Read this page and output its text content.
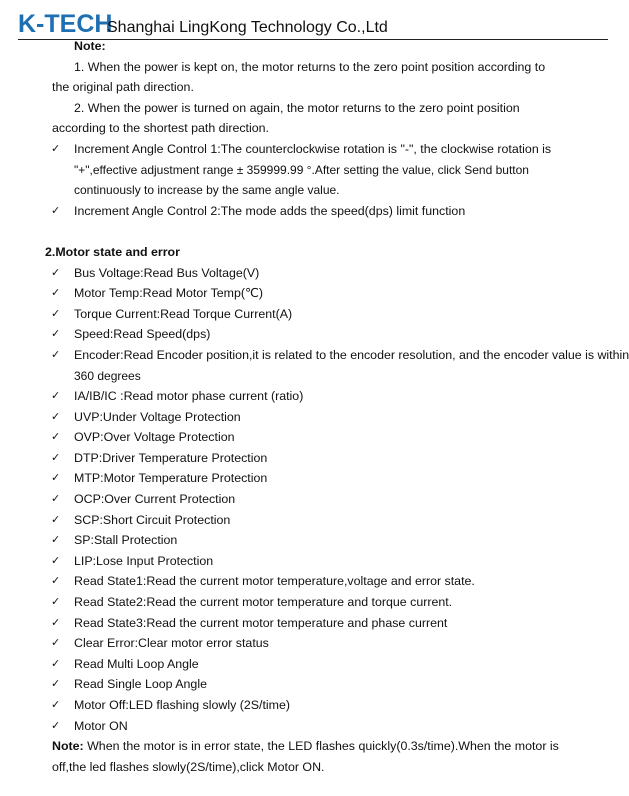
K-TECH
Shanghai LingKong Technology Co.,Ltd
Note:
1. When the power is kept on, the motor returns to the zero point position according to
the original path direction.
2. When the power is turned on again, the motor returns to the zero point position
according to the shortest path direction.
✓ Increment Angle Control 1:The counterclockwise rotation is "-", the clockwise rotation is
"+",effective adjustment range ± 359999.99 °.After setting the value, click Send button
continuously to increase by the same angle value.
✓ Increment Angle Control 2:The mode adds the speed(dps) limit function
2.Motor state and error
✓ Bus Voltage:Read Bus Voltage(V)
✓ Motor Temp:Read Motor Temp(℃)
✓ Torque Current:Read Torque Current(A)
✓ Speed:Read Speed(dps)
✓ Encoder:Read Encoder position,it is related to the encoder resolution, and the encoder value is within
360 degrees
✓ IA/IB/IC :Read motor phase current (ratio)
✓ UVP:Under Voltage Protection
✓ OVP:Over Voltage Protection
✓ DTP:Driver Temperature Protection
✓ MTP:Motor Temperature Protection
✓ OCP:Over Current Protection
✓ SCP:Short Circuit Protection
✓ SP:Stall Protection
✓ LIP:Lose Input Protection
✓ Read State1:Read the current motor temperature,voltage and error state.
✓ Read State2:Read the current motor temperature and torque current.
✓ Read State3:Read the current motor temperature and phase current
✓ Clear Error:Clear motor error status
✓ Read Multi Loop Angle
✓ Read Single Loop Angle
✓ Motor Off:LED flashing slowly (2S/time)
✓ Motor ON
Note: When the motor is in error state, the LED flashes quickly(0.3s/time).When the motor is
off,the led flashes slowly(2S/time),click Motor ON.
